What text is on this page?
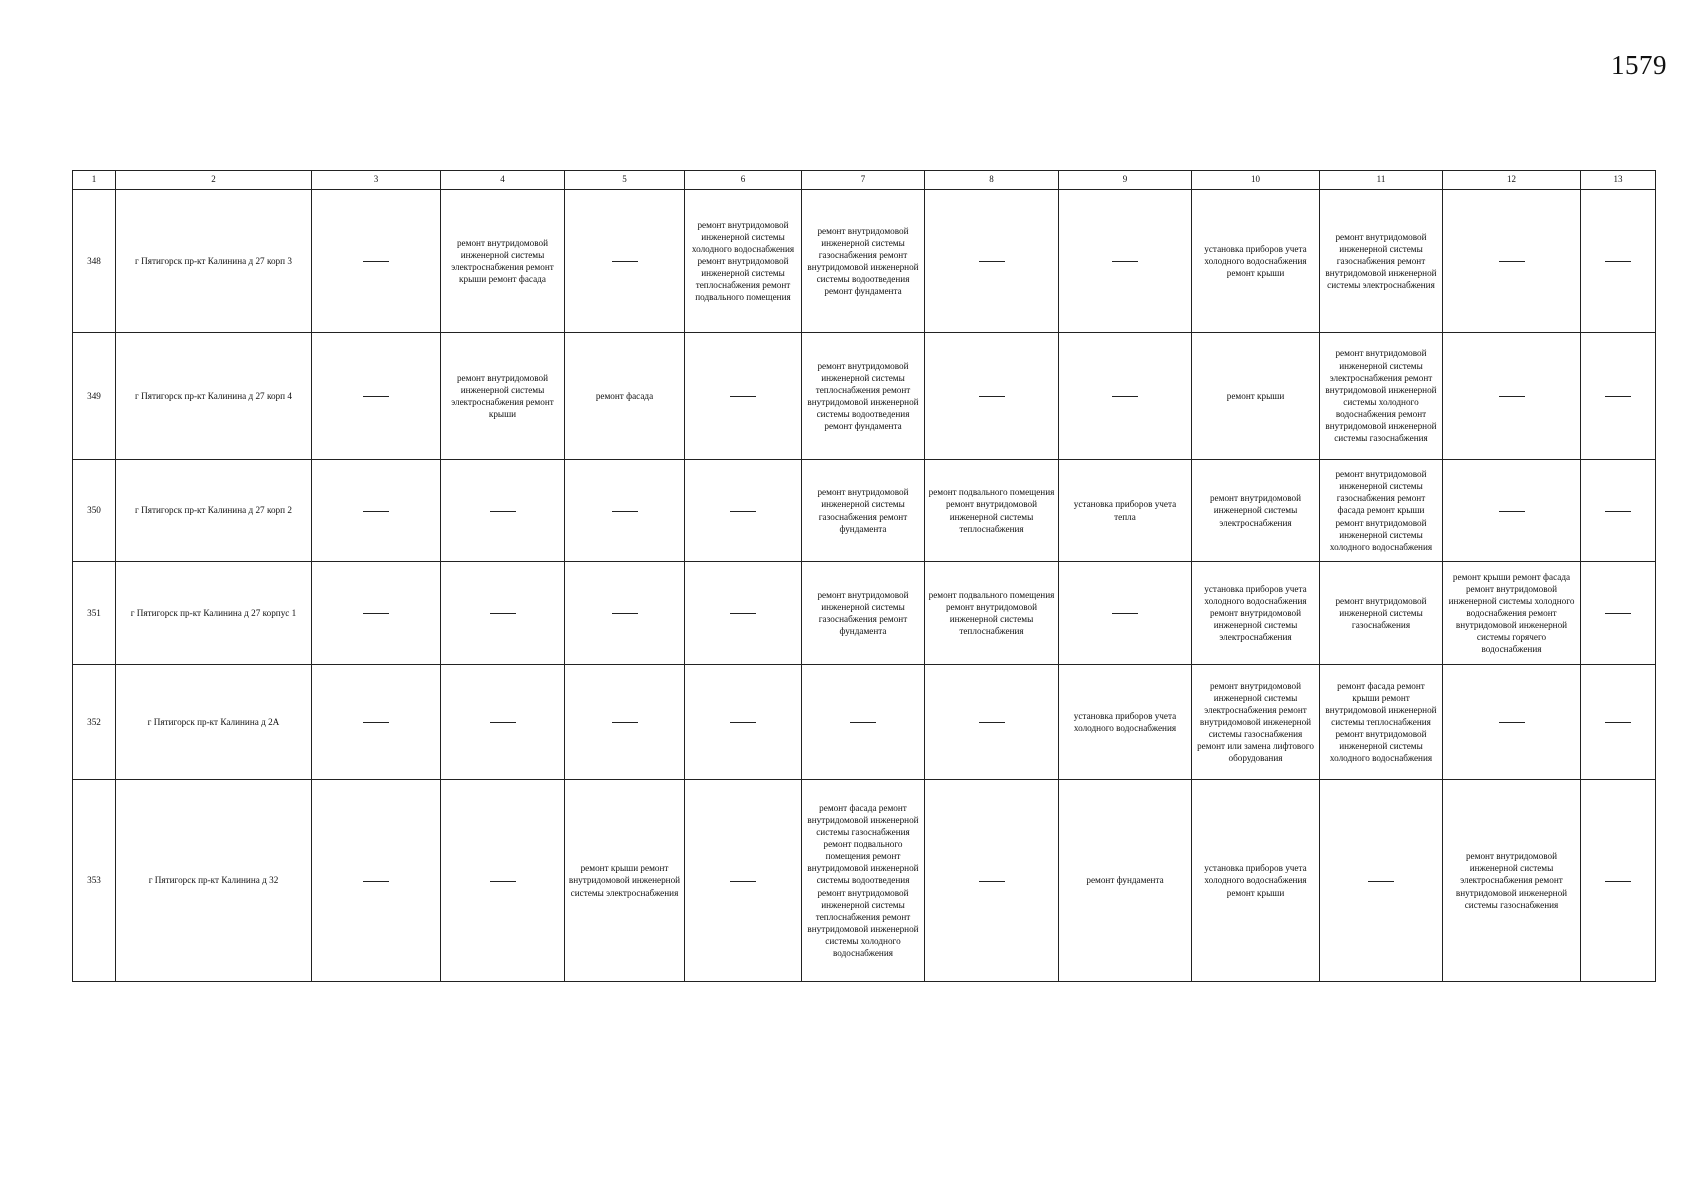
1579
1	2	3	4	5	6	7	8	9	10	11	12	13
348	г Пятигорск пр-кт Калинина д 27 корп 3		ремонт внутридомовой инженерной системы электроснабжения ремонт крыши ремонт фасада		ремонт внутридомовой инженерной системы холодного водоснабжения ремонт внутридомовой инженерной системы теплоснабжения ремонт подвального помещения	ремонт внутридомовой инженерной системы газоснабжения ремонт внутридомовой инженерной системы водоотведения ремонт фундамента			установка приборов учета холодного водоснабжения ремонт крыши	ремонт внутридомовой инженерной системы газоснабжения ремонт внутридомовой инженерной системы электроснабжения		
349	г Пятигорск пр-кт Калинина д 27 корп 4		ремонт внутридомовой инженерной системы электроснабжения ремонт крыши	ремонт фасада		ремонт внутридомовой инженерной системы теплоснабжения ремонт внутридомовой инженерной системы водоотведения ремонт фундамента			ремонт крыши	ремонт внутридомовой инженерной системы электроснабжения ремонт внутридомовой инженерной системы холодного водоснабжения ремонт внутридомовой инженерной системы газоснабжения		
350	г Пятигорск пр-кт Калинина д 27 корп 2					ремонт внутридомовой инженерной системы газоснабжения ремонт фундамента	ремонт подвального помещения ремонт внутридомовой инженерной системы теплоснабжения	установка приборов учета тепла	ремонт внутридомовой инженерной системы электроснабжения	ремонт внутридомовой инженерной системы газоснабжения ремонт фасада ремонт крыши ремонт внутридомовой инженерной системы холодного водоснабжения		
351	г Пятигорск пр-кт Калинина д 27 корпус 1					ремонт внутридомовой инженерной системы газоснабжения ремонт фундамента	ремонт подвального помещения ремонт внутридомовой инженерной системы теплоснабжения		установка приборов учета холодного водоснабжения ремонт внутридомовой инженерной системы электроснабжения	ремонт внутридомовой инженерной системы газоснабжения	ремонт крыши ремонт фасада ремонт внутридомовой инженерной системы холодного водоснабжения ремонт внутридомовой инженерной системы горячего водоснабжения	
352	г Пятигорск пр-кт Калинина д 2А							установка приборов учета холодного водоснабжения	ремонт внутридомовой инженерной системы электроснабжения ремонт внутридомовой инженерной системы газоснабжения ремонт или замена лифтового оборудования	ремонт фасада ремонт крыши ремонт внутридомовой инженерной системы теплоснабжения ремонт внутридомовой инженерной системы холодного водоснабжения		
353	г Пятигорск пр-кт Калинина д 32			ремонт крыши ремонт внутридомовой инженерной системы электроснабжения		ремонт фасада ремонт внутридомовой инженерной системы газоснабжения ремонт подвального помещения ремонт внутридомовой инженерной системы водоотведения ремонт внутридомовой инженерной системы теплоснабжения ремонт внутридомовой инженерной системы холодного водоснабжения		ремонт фундамента	установка приборов учета холодного водоснабжения ремонт крыши		ремонт внутридомовой инженерной системы электроснабжения ремонт внутридомовой инженерной системы газоснабжения	
